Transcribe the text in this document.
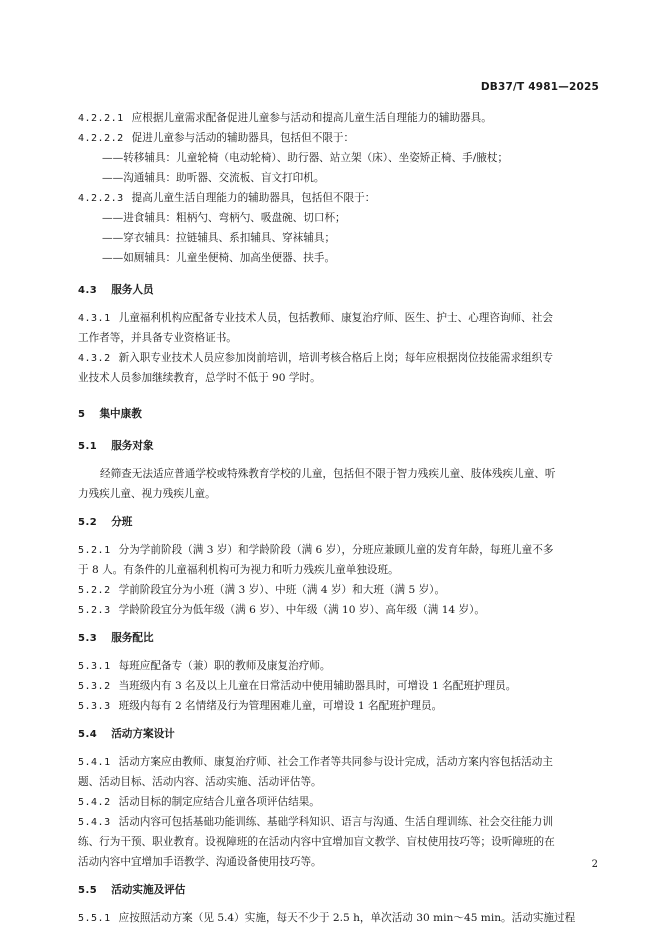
DB37/T 4981—2025
4.2.2.1 应根据儿童需求配备促进儿童参与活动和提高儿童生活自理能力的辅助器具。
4.2.2.2 促进儿童参与活动的辅助器具，包括但不限于：
——转移辅具：儿童轮椅（电动轮椅）、助行器、站立架（床）、坐姿矫正椅、手/腋杖；
——沟通辅具：助听器、交流板、盲文打印机。
4.2.2.3 提高儿童生活自理能力的辅助器具，包括但不限于：
——进食辅具：粗柄勺、弯柄勺、吸盘碗、切口杯；
——穿衣辅具：拉链辅具、系扣辅具、穿袜辅具；
——如厕辅具：儿童坐便椅、加高坐便器、扶手。
4.3 服务人员
4.3.1 儿童福利机构应配备专业技术人员，包括教师、康复治疗师、医生、护士、心理咨询师、社会
工作者等，并具备专业资格证书。
4.3.2 新入职专业技术人员应参加岗前培训，培训考核合格后上岗；每年应根据岗位技能需求组织专
业技术人员参加继续教育，总学时不低于 90 学时。
5 集中康教
5.1 服务对象
经筛查无法适应普通学校或特殊教育学校的儿童，包括但不限于智力残疾儿童、肢体残疾儿童、听
力残疾儿童、视力残疾儿童。
5.2 分班
5.2.1 分为学前阶段（满 3 岁）和学龄阶段（满 6 岁），分班应兼顾儿童的发育年龄，每班儿童不多
于 8 人。有条件的儿童福利机构可为视力和听力残疾儿童单独设班。
5.2.2 学前阶段宜分为小班（满 3 岁）、中班（满 4 岁）和大班（满 5 岁）。
5.2.3 学龄阶段宜分为低年级（满 6 岁）、中年级（满 10 岁）、高年级（满 14 岁）。
5.3 服务配比
5.3.1 每班应配备专（兼）职的教师及康复治疗师。
5.3.2 当班级内有 3 名及以上儿童在日常活动中使用辅助器具时，可增设 1 名配班护理员。
5.3.3 班级内每有 2 名情绪及行为管理困难儿童，可增设 1 名配班护理员。
5.4 活动方案设计
5.4.1 活动方案应由教师、康复治疗师、社会工作者等共同参与设计完成，活动方案内容包括活动主
题、活动目标、活动内容、活动实施、活动评估等。
5.4.2 活动目标的制定应结合儿童各项评估结果。
5.4.3 活动内容可包括基础功能训练、基础学科知识、语言与沟通、生活自理训练、社会交往能力训
练、行为干预、职业教育。设视障班的在活动内容中宜增加盲文教学、盲杖使用技巧等；设听障班的在
活动内容中宜增加手语教学、沟通设备使用技巧等。
5.5 活动实施及评估
5.5.1 应按照活动方案（见 5.4）实施，每天不少于 2.5 h，单次活动 30 min～45 min。活动实施过程
2
